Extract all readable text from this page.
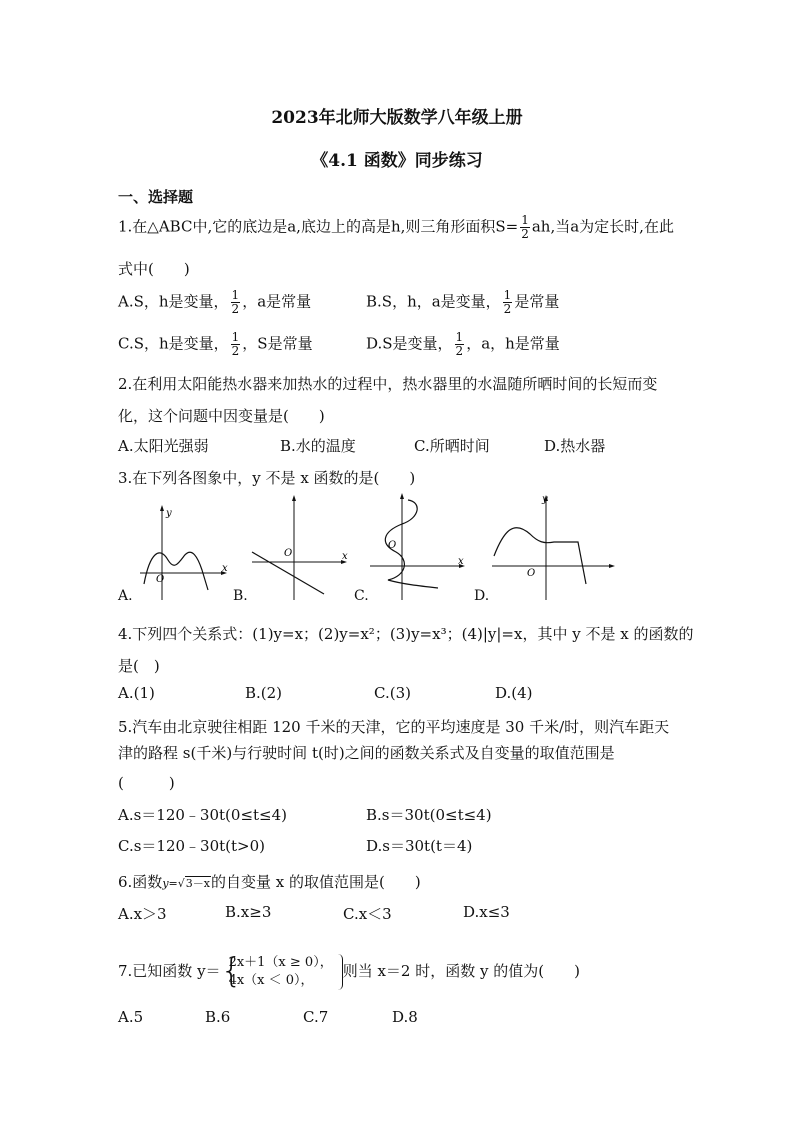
2023年北师大版数学八年级上册
《4.1 函数》同步练习
一、选择题
1.在△ABC中,它的底边是a,底边上的高是h,则三角形面积$S= \frac{1}{2}$ ah,当a为定长时,在此
式中(　　)
A.S，h是变量， $\frac{1}{2}$ ，a是常量	B.S，h，a是变量， $\frac{1}{2}$ 是常量
C.S，h是变量， $\frac{1}{2}$ ，S是常量	D.S是变量， $\frac{1}{2}$ ，a，h是常量
2.在利用太阳能热水器来加热水的过程中，热水器里的水温随所晒时间的长短而变
化，这个问题中因变量是(　　)
A.太阳光强弱	B.水的温度	C.所晒时间	D.热水器
3.在下列各图象中，y 不是 x 函数的是(　　)
y
x
O
A.
O	x
B.
O
x
C.
O
y
D.
4.下列四个关系式：(1)y=x；(2)y=x²；(3)y=x³；(4)|y|=x，其中 y 不是 x 的函数的
是(　)
A.(1)	B.(2)	C.(3)	D.(4)
5.汽车由北京驶往相距 120 千米的天津，它的平均速度是 30 千米/时，则汽车距天
津的路程 s(千米)与行驶时间 t(时)之间的函数关系式及自变量的取值范围是
(　　　)
A.s＝120﹣30t(0≤t≤4)	B.s＝30t(0≤t≤4)
C.s＝120﹣30t(t>0)	D.s＝30t(t＝4)
6.函数y=√3－x的自变量 x 的取值范围是(　　)
A.x＞3	B.x≥3	C.x＜3	D.x≤3
7.已知函数 y＝ {
2x＋1（x ≥ 0），
4x（x ＜ 0），
则当 x＝2 时，函数 y 的值为(　　)
A.5	B.6	C.7	D.8
